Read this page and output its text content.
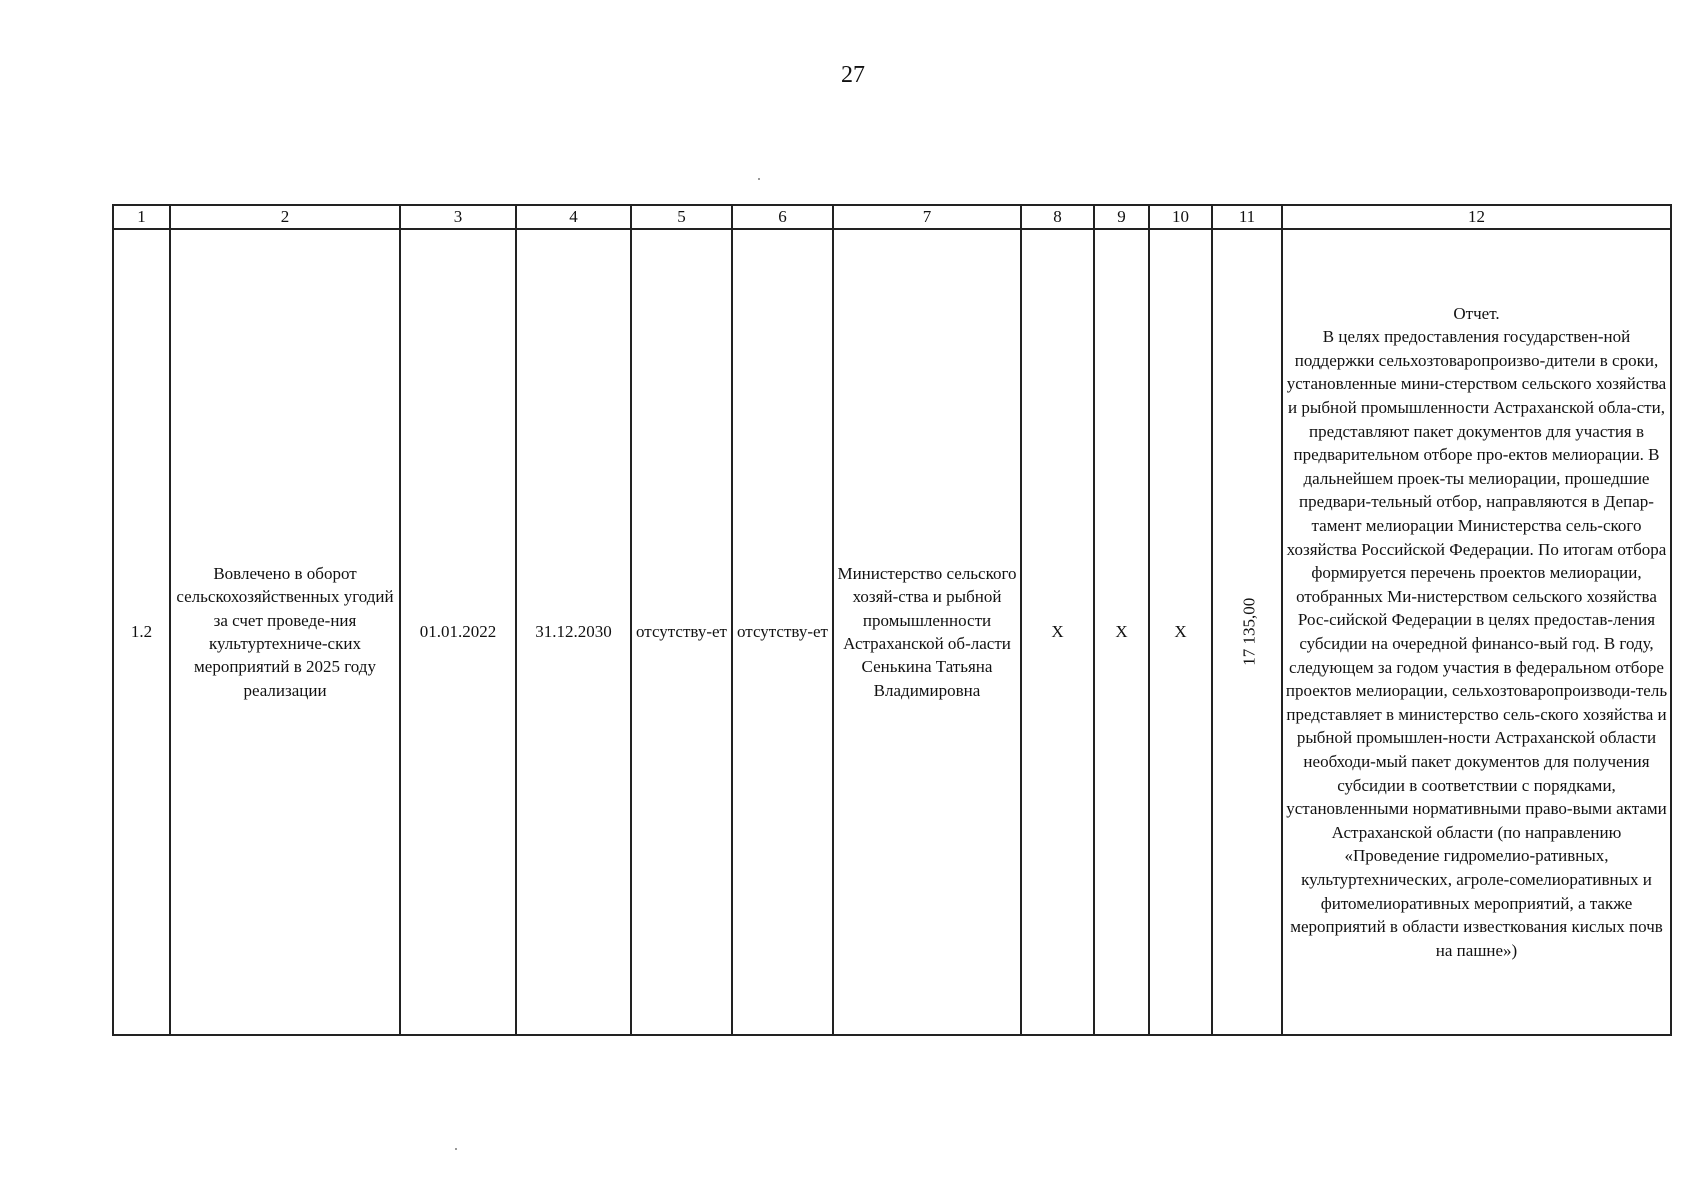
27
1	2	3	4	5	6	7	8	9	10	11	12
1.2	Вовлечено в оборот сельскохозяйственных угодий за счет проведе-ния культуртехниче-ских мероприятий в 2025 году реализации	01.01.2022	31.12.2030	отсутству-ет	отсутству-ет	Министерство сельского хозяй-ства и рыбной промышленности Астраханской об-ласти Сенькина Татьяна Владимировна	X	X	X	17 135,00	Отчет.
В целях предоставления государствен-ной поддержки сельхозтоваропроизво-дители в сроки, установленные мини-стерством сельского хозяйства и рыбной промышленности Астраханской обла-сти, представляют пакет документов для участия в предварительном отборе про-ектов мелиорации. В дальнейшем проек-ты мелиорации, прошедшие предвари-тельный отбор, направляются в Депар-тамент мелиорации Министерства сель-ского хозяйства Российской Федерации. По итогам отбора формируется перечень проектов мелиорации, отобранных Ми-нистерством сельского хозяйства Рос-сийской Федерации в целях предостав-ления субсидии на очередной финансо-вый год. В году, следующем за годом участия в федеральном отборе проектов мелиорации, сельхозтоваропроизводи-тель представляет в министерство сель-ского хозяйства и рыбной промышлен-ности Астраханской области необходи-мый пакет документов для получения субсидии в соответствии с порядками, установленными нормативными право-выми актами Астраханской области (по направлению «Проведение гидромелио-ративных, культуртехнических, агроле-сомелиоративных и фитомелиоративных мероприятий, а также мероприятий в области известкования кислых почв на пашне»)
